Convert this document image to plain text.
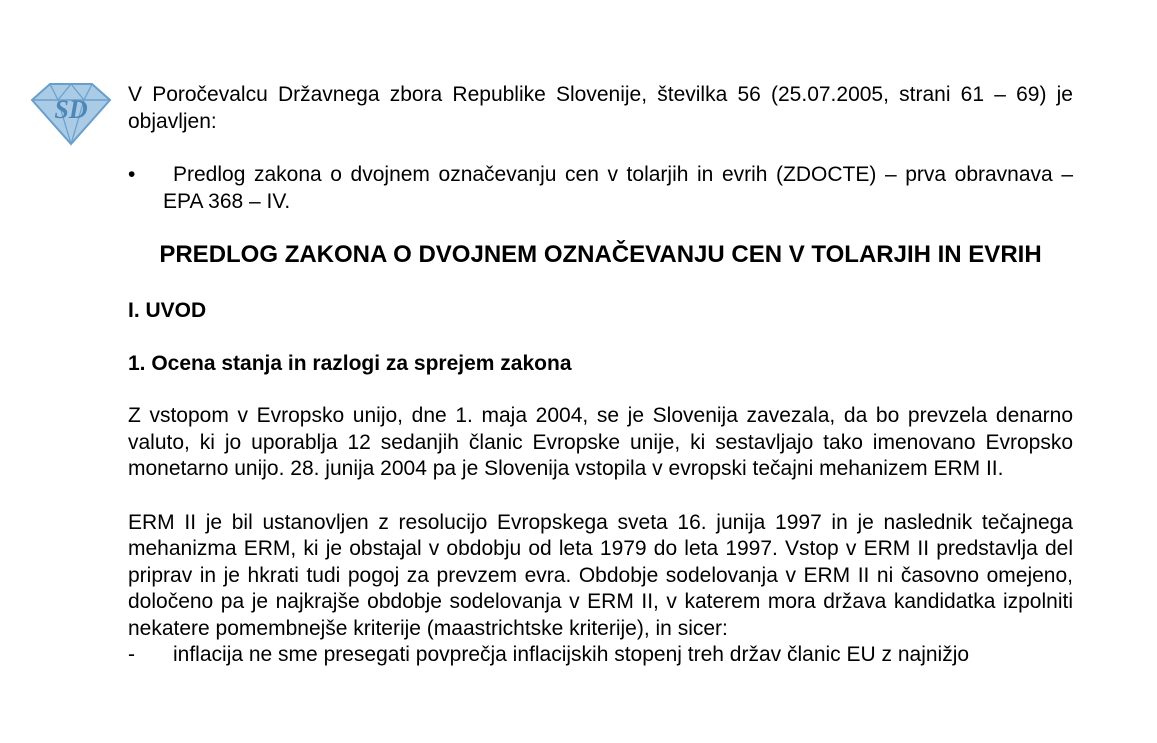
SD

V Poročevalcu Državnega zbora Republike Slovenije, številka 56 (25.07.2005, strani 61 – 69) je objavljen:

• Predlog zakona o dvojnem označevanju cen v tolarjih in evrih (ZDOCTE) – prva obravnava – EPA 368 – IV.
PREDLOG ZAKONA O DVOJNEM OZNAČEVANJU CEN V TOLARJIH IN EVRIH
I. UVOD
1. Ocena stanja in razlogi za sprejem zakona

Z vstopom v Evropsko unijo, dne 1. maja 2004, se je Slovenija zavezala, da bo prevzela denarno valuto, ki jo uporablja 12 sedanjih članic Evropske unije, ki sestavljajo tako imenovano Evropsko monetarno unijo. 28. junija 2004 pa je Slovenija vstopila v evropski tečajni mehanizem ERM II.

ERM II je bil ustanovljen z resolucijo Evropskega sveta 16. junija 1997 in je naslednik tečajnega mehanizma ERM, ki je obstajal v obdobju od leta 1979 do leta 1997. Vstop v ERM II predstavlja del priprav in je hkrati tudi pogoj za prevzem evra. Obdobje sodelovanja v ERM II ni časovno omejeno, določeno pa je najkrajše obdobje sodelovanja v ERM II, v katerem mora država kandidatka izpolniti nekatere pomembnejše kriterije (maastrichtske kriterije), in sicer:

- inflacija ne sme presegati povprečja inflacijskih stopenj treh držav članic EU z najnižjo
